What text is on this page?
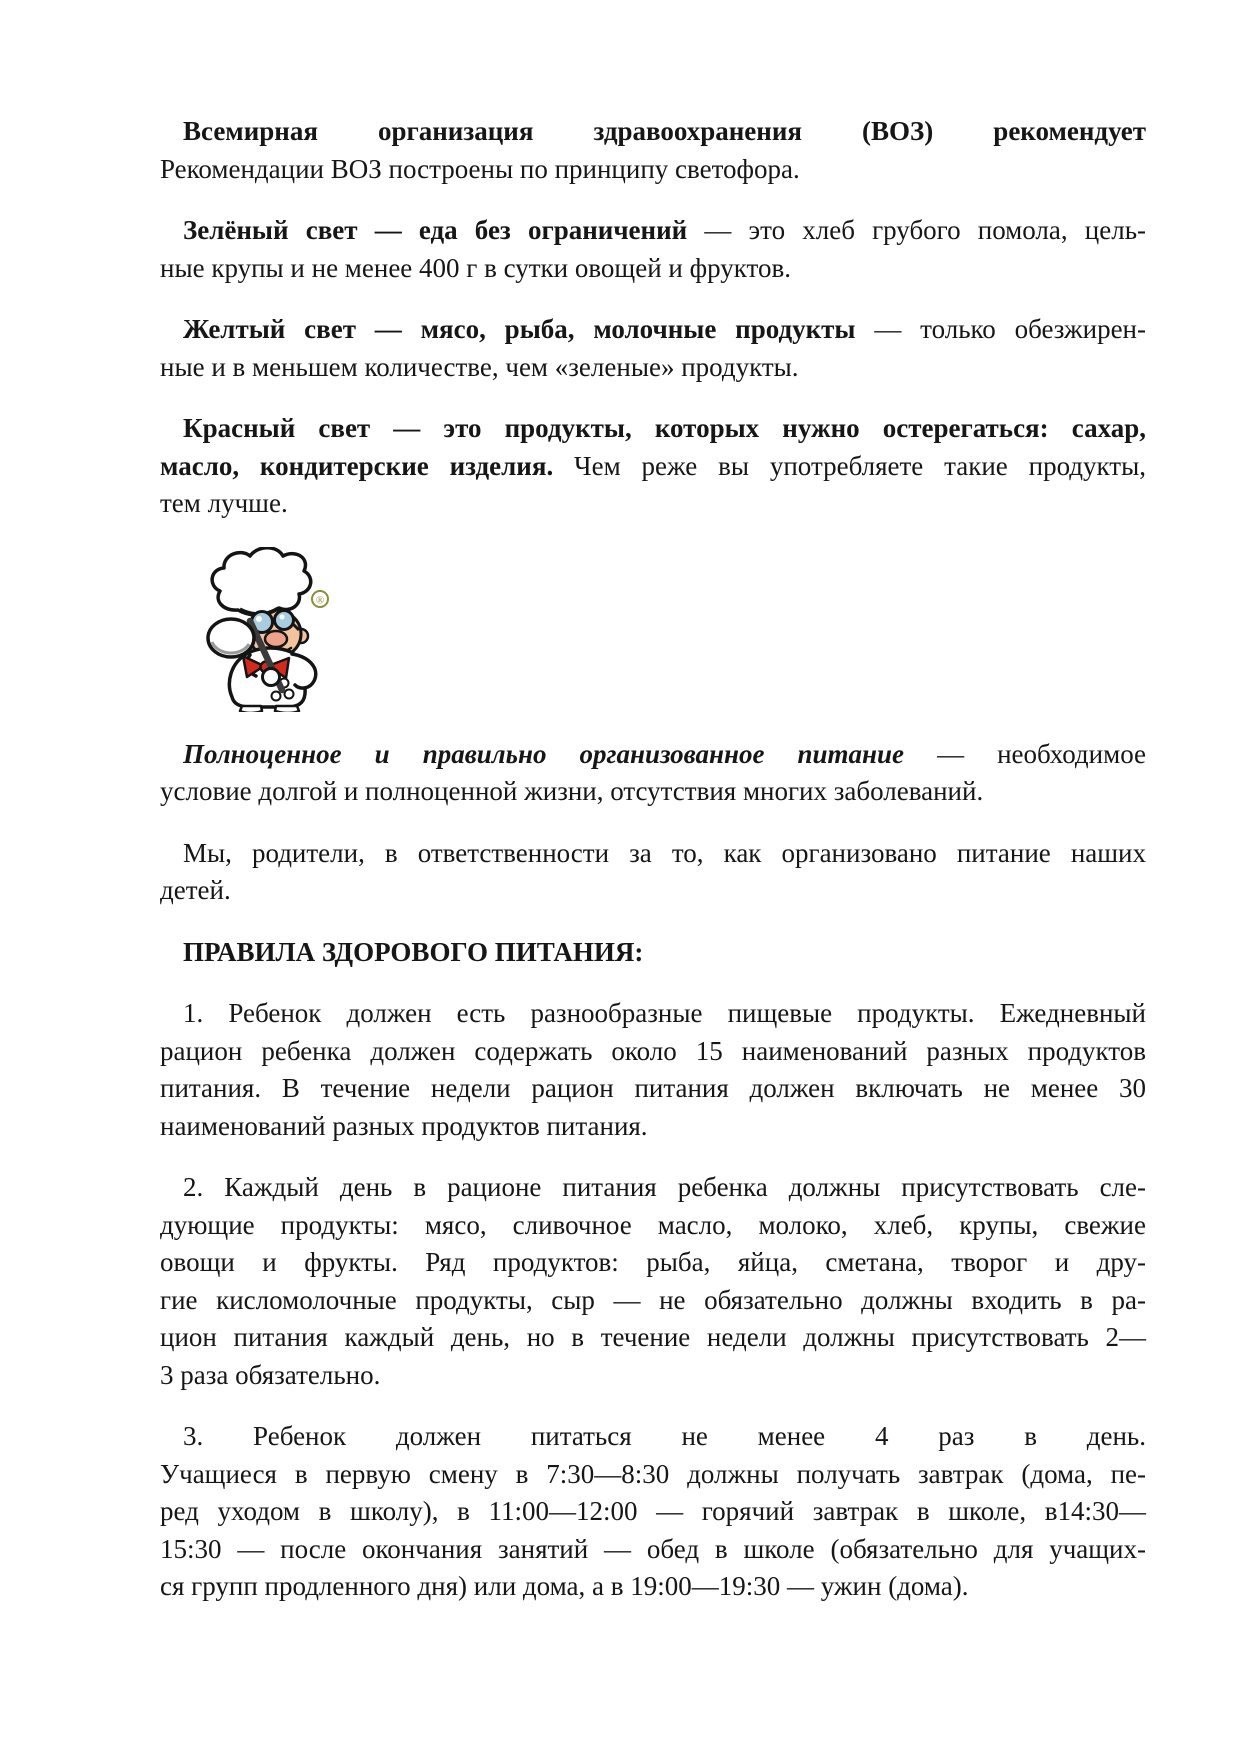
Всемирная организация здравоохранения (ВОЗ) рекомендует
Рекомендации ВОЗ построены по принципу светофора.

Зелёный свет — еда без ограничений — это хлеб грубого помола, цель-
ные крупы и не менее 400 г в сутки овощей и фруктов.

Желтый свет — мясо, рыба, молочные продукты — только обезжирен-
ные и в меньшем количестве, чем «зеленые» продукты.

Красный свет — это продукты, которых нужно остерегаться: сахар,
масло, кондитерские изделия. Чем реже вы употребляете такие продукты,
тем лучше.

®

Полноценное и правильно организованное питание — необходимое
условие долгой и полноценной жизни, отсутствия многих заболеваний.

Мы, родители, в ответственности за то, как организовано питание наших
детей.

ПРАВИЛА ЗДОРОВОГО ПИТАНИЯ:

1. Ребенок должен есть разнообразные пищевые продукты. Ежедневный
рацион ребенка должен содержать около 15 наименований разных продуктов
питания. В течение недели рацион питания должен включать не менее 30
наименований разных продуктов питания.

2. Каждый день в рационе питания ребенка должны присутствовать сле-
дующие продукты: мясо, сливочное масло, молоко, хлеб, крупы, свежие
овощи и фрукты. Ряд продуктов: рыба, яйца, сметана, творог и дру-
гие кисломолочные продукты, сыр — не обязательно должны входить в ра-
цион питания каждый день, но в течение недели должны присутствовать 2—
3 раза обязательно.

3. Ребенок должен питаться не менее 4 раз в день.
Учащиеся в первую смену в 7:30—8:30 должны получать завтрак (дома, пе-
ред уходом в школу), в 11:00—12:00 — горячий завтрак в школе, в14:30—
15:30 — после окончания занятий — обед в школе (обязательно для учащих-
ся групп продленного дня) или дома, а в 19:00—19:30 — ужин (дома).
